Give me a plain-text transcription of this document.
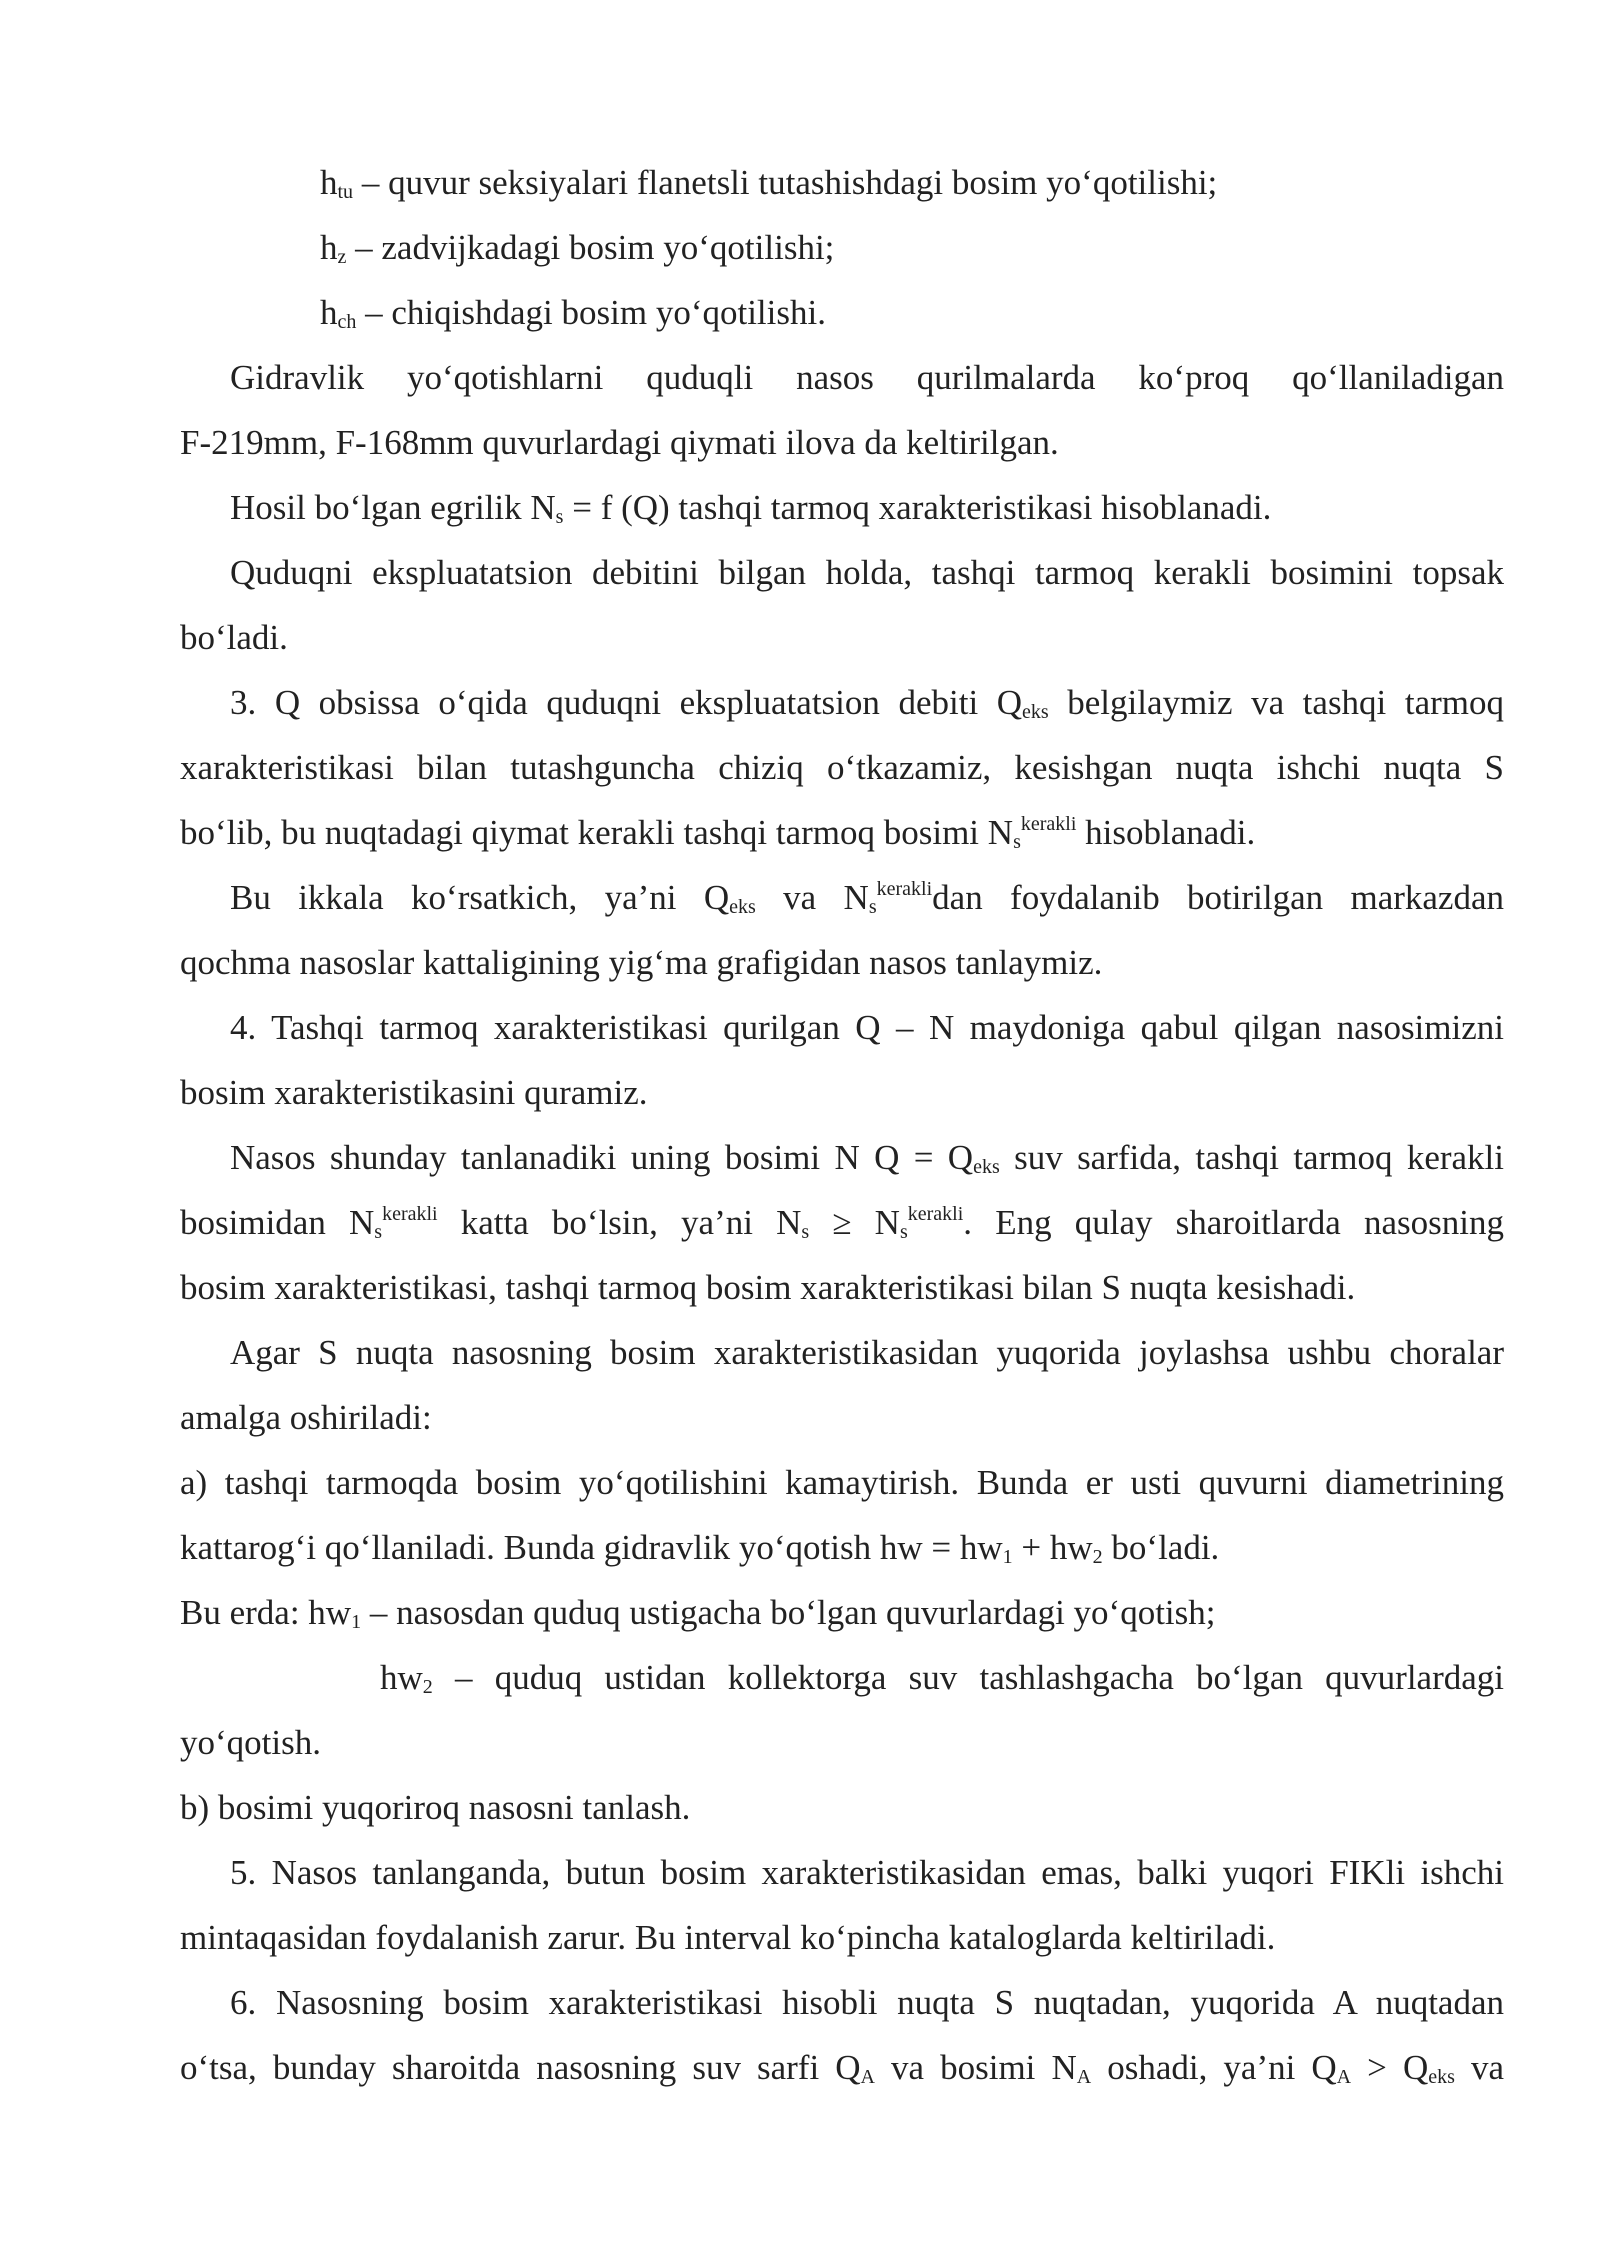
$h_{tu}$ – quvur seksiyalari flanetsli tutashishdagi bosim yo‘qotilishi;
$h_z$ – zadvijkadagi bosim yo‘qotilishi;
$h_{ch}$ – chiqishdagi bosim yo‘qotilishi.
Gidravlik yo‘qotishlarni quduqli nasos qurilmalarda ko‘proq qo‘llaniladigan
F-219mm, F-168mm quvurlardagi qiymati ilova da keltirilgan.
Hosil bo‘lgan egrilik $N_s = f$ (Q) tashqi tarmoq xarakteristikasi hisoblanadi.
Quduqni ekspluatatsion debitini bilgan holda, tashqi tarmoq kerakli bosimini topsak
bo‘ladi.
3. Q obsissa o‘qida quduqni ekspluatatsion debiti $Q_{eks}$ belgilaymiz va tashqi tarmoq
xarakteristikasi bilan tutashguncha chiziq o‘tkazamiz, kesishgan nuqta ishchi nuqta S
bo‘lib, bu nuqtadagi qiymat kerakli tashqi tarmoq bosimi $N_s^{kerakli}$ hisoblanadi.
Bu ikkala ko‘rsatkich, ya’ni $Q_{eks}$ va $N_s^{kerakli}dan$ foydalanib botirilgan markazdan
qochma nasoslar kattaligining yig‘ma grafigidan nasos tanlaymiz.
4. Tashqi tarmoq xarakteristikasi qurilgan Q – N maydoniga qabul qilgan nasosimizni
bosim xarakteristikasini quramiz.
Nasos shunday tanlanadiki uning bosimi N $Q = Q_{eks}$ suv sarfida, tashqi tarmoq kerakli
bosimidan $N_s^{kerakli}$ katta bo‘lsin, ya’ni $N_s \ge N_s^{kerakli}$. Eng qulay sharoitlarda nasosning
bosim xarakteristikasi, tashqi tarmoq bosim xarakteristikasi bilan S nuqta kesishadi.
Agar S nuqta nasosning bosim xarakteristikasidan yuqorida joylashsa ushbu choralar
amalga oshiriladi:
a) tashqi tarmoqda bosim yo‘qotilishini kamaytirish. Bunda er usti quvurni diametrining
kattarog‘i qo‘llaniladi. Bunda gidravlik yo‘qotish hw = $hw_1 + hw_2$ bo‘ladi.
Bu erda: $hw_1$ – nasosdan quduq ustigacha bo‘lgan quvurlardagi yo‘qotish;
$hw_2$ – quduq ustidan kollektorga suv tashlashgacha bo‘lgan quvurlardagi
yo‘qotish.
b) bosimi yuqoriroq nasosni tanlash.
5. Nasos tanlanganda, butun bosim xarakteristikasidan emas, balki yuqori FIKli ishchi
mintaqasidan foydalanish zarur. Bu interval ko‘pincha kataloglarda keltiriladi.
6. Nasosning bosim xarakteristikasi hisobli nuqta S nuqtadan, yuqorida A nuqtadan
o‘tsa, bunday sharoitda nasosning suv sarfi $Q_A$ va bosimi $N_A$ oshadi, ya’ni $Q_A > Q_{eks}$ va
